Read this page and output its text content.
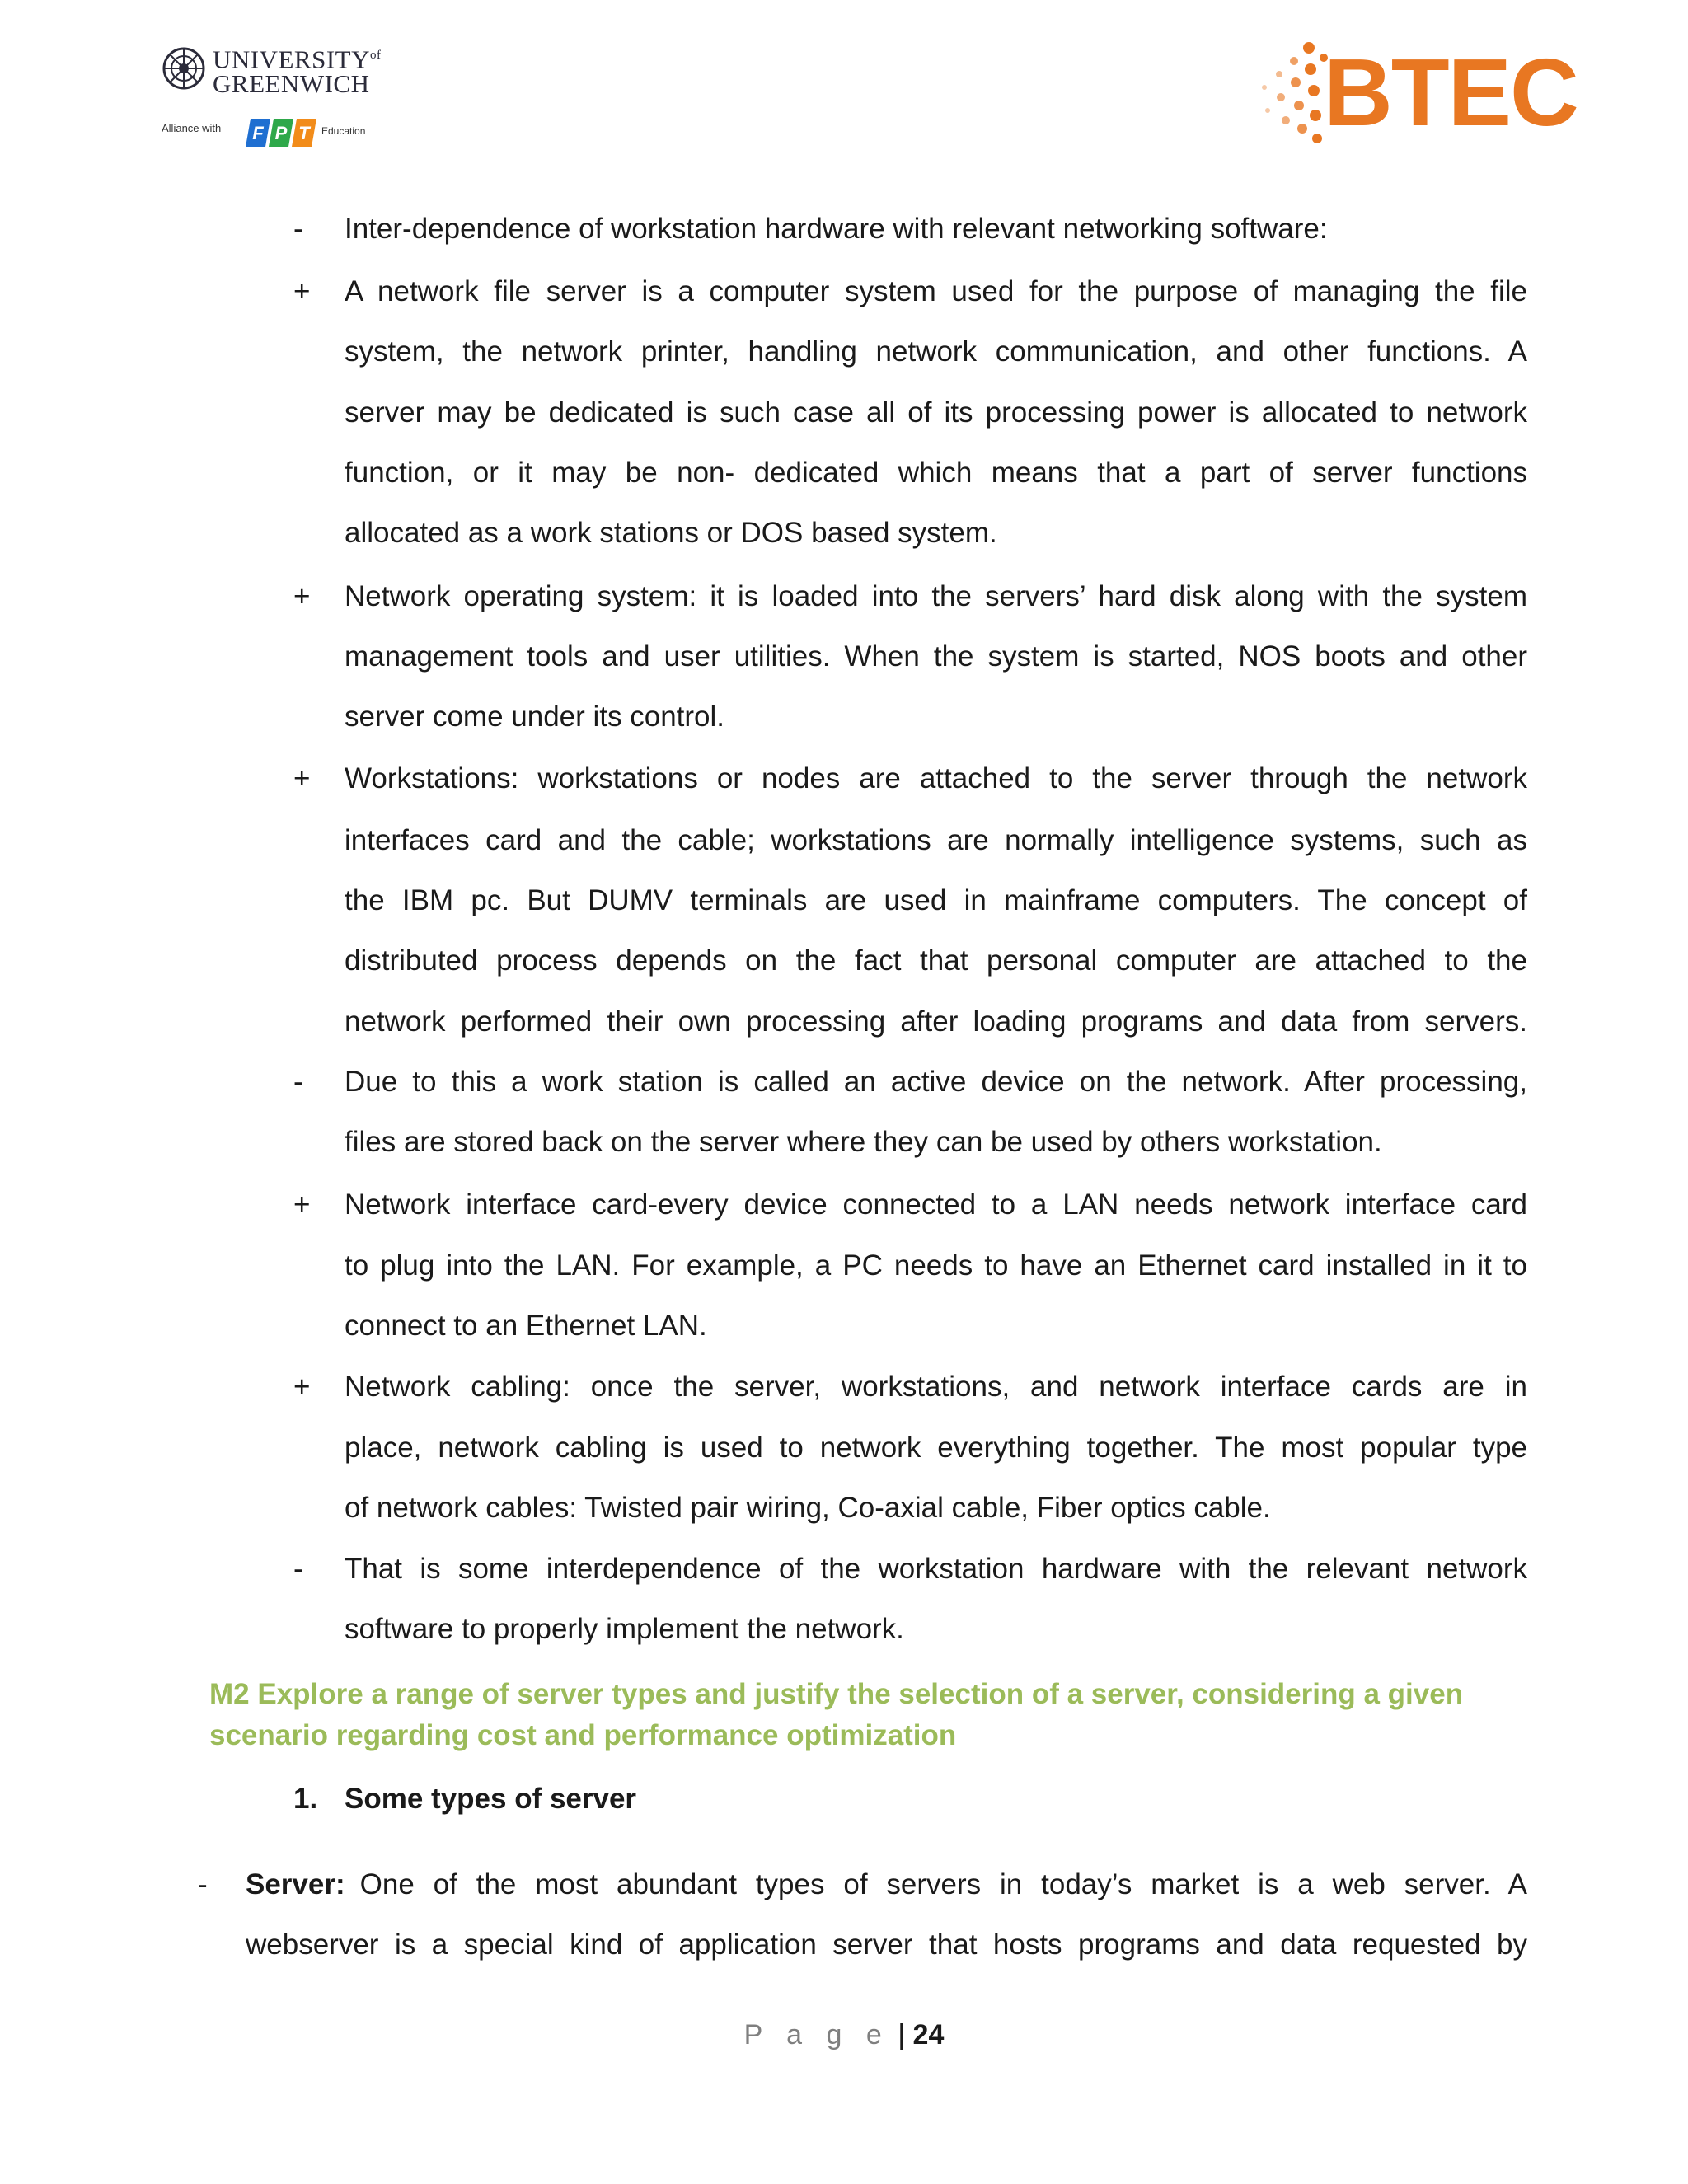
$UNIVERSITY^{of}$
GREENWICH
Alliance with F P T Education	BTEC
- Inter-dependence of workstation hardware with relevant networking software:
+ A network file server is a computer system used for the purpose of managing the file
system, the network printer, handling network communication, and other functions. A
server may be dedicated is such case all of its processing power is allocated to network
function, or it may be non- dedicated which means that a part of server functions
allocated as a work stations or DOS based system.
+ Network operating system: it is loaded into the servers’ hard disk along with the system
management tools and user utilities. When the system is started, NOS boots and other
server come under its control.
+ Workstations: workstations or nodes are attached to the server through the network
interfaces card and the cable; workstations are normally intelligence systems, such as
the IBM pc. But DUMV terminals are used in mainframe computers. The concept of
distributed process depends on the fact that personal computer are attached to the
network performed their own processing after loading programs and data from servers.
- Due to this a work station is called an active device on the network. After processing,
files are stored back on the server where they can be used by others workstation.
+ Network interface card-every device connected to a LAN needs network interface card
to plug into the LAN. For example, a PC needs to have an Ethernet card installed in it to
connect to an Ethernet LAN.
+ Network cabling: once the server, workstations, and network interface cards are in
place, network cabling is used to network everything together. The most popular type
of network cables: Twisted pair wiring, Co-axial cable, Fiber optics cable.
- That is some interdependence of the workstation hardware with the relevant network
software to properly implement the network.
M2 Explore a range of server types and justify the selection of a server, considering a given
scenario regarding cost and performance optimization
1. Some types of server
- Server: One of the most abundant types of servers in today’s market is a web server. A
webserver is a special kind of application server that hosts programs and data requested by
P a g e | 24
